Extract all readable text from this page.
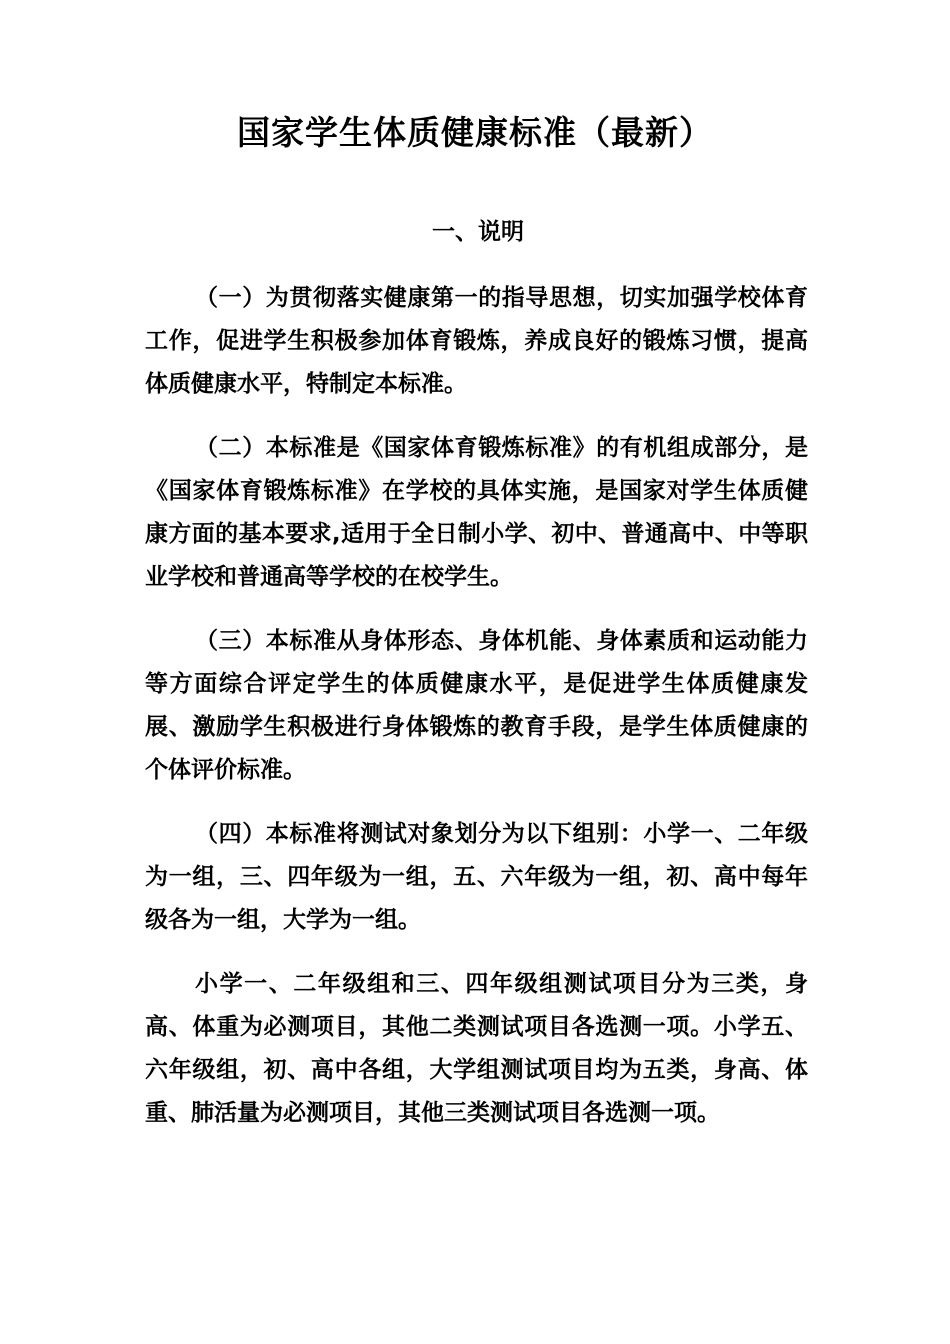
国家学生体质健康标准（最新）
一、说明

（一）为贯彻落实健康第一的指导思想，切实加强学校体育工作，促进学生积极参加体育锻炼，养成良好的锻炼习惯，提高体质健康水平，特制定本标准。

（二）本标准是《国家体育锻炼标准》的有机组成部分，是《国家体育锻炼标准》在学校的具体实施，是国家对学生体质健康方面的基本要求,适用于全日制小学、初中、普通高中、中等职业学校和普通高等学校的在校学生。

（三）本标准从身体形态、身体机能、身体素质和运动能力等方面综合评定学生的体质健康水平，是促进学生体质健康发展、激励学生积极进行身体锻炼的教育手段，是学生体质健康的个体评价标准。

（四）本标准将测试对象划分为以下组别：小学一、二年级为一组，三、四年级为一组，五、六年级为一组，初、高中每年级各为一组，大学为一组。

小学一、二年级组和三、四年级组测试项目分为三类，身高、体重为必测项目，其他二类测试项目各选测一项。小学五、六年级组，初、高中各组，大学组测试项目均为五类，身高、体重、肺活量为必测项目，其他三类测试项目各选测一项。
